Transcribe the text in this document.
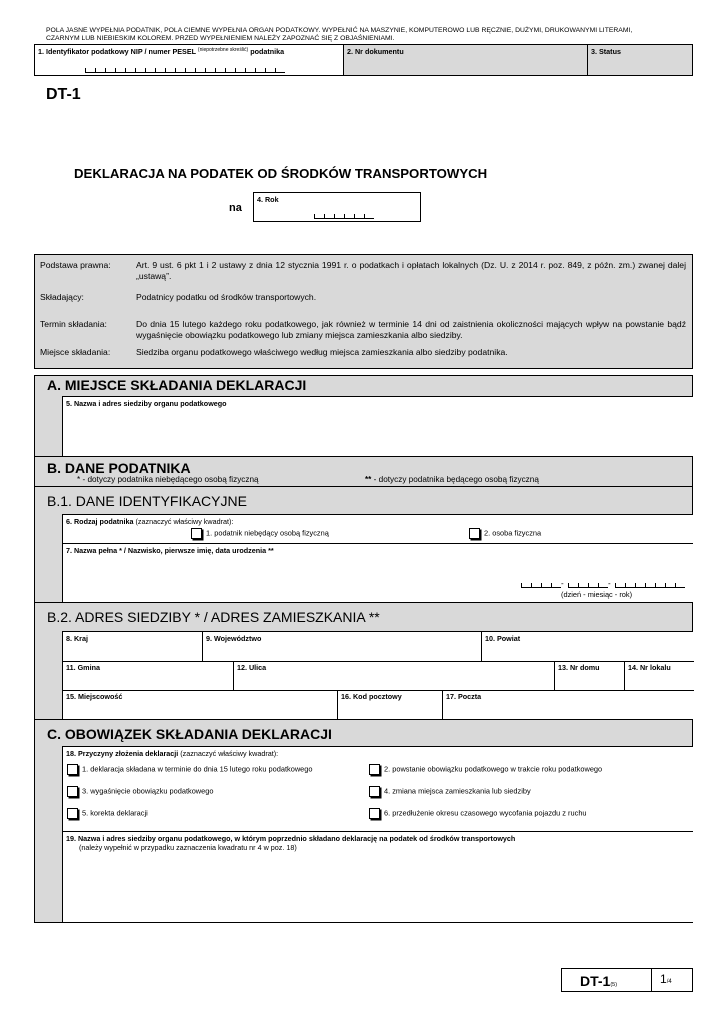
POLA JASNE WYPEŁNIA PODATNIK, POLA CIEMNE WYPEŁNIA ORGAN PODATKOWY. WYPEŁNIĆ NA MASZYNIE, KOMPUTEROWO LUB RĘCZNIE, DUŻYMI, DRUKOWANYMI LITERAMI,
CZARNYM LUB NIEBIESKIM KOLOREM. PRZED WYPEŁNIENIEM NALEŻY ZAPOZNAĆ SIĘ Z OBJAŚNIENIAMI.
1. Identyfikator podatkowy NIP / numer PESEL $^{(niepotrzebne skreślić)}$ podatnika	2. Nr dokumentu	3. Status
DT-1
DEKLARACJA NA PODATEK OD ŚRODKÓW TRANSPORTOWYCH
na
4. Rok
Podstawa prawna:	Art. 9 ust. 6 pkt 1 i 2 ustawy z dnia 12 stycznia 1991 r. o podatkach i opłatach lokalnych (Dz. U. z 2014 r. poz. 849, z późn. zm.) zwanej dalej „ustawą”.
Składający:	Podatnicy podatku od środków transportowych.
Termin składania:	Do dnia 15 lutego każdego roku podatkowego, jak również w terminie 14 dni od zaistnienia okoliczności mających wpływ na powstanie bądź wygaśnięcie obowiązku podatkowego lub zmiany miejsca zamieszkania albo siedziby.
Miejsce składania:	Siedziba organu podatkowego właściwego według miejsca zamieszkania albo siedziby podatnika.
A. MIEJSCE SKŁADANIA DEKLARACJI
5. Nazwa i adres siedziby organu podatkowego
B. DANE PODATNIKA
* - dotyczy podatnika niebędącego osobą fizyczną	** - dotyczy podatnika będącego osobą fizyczną
B.1. DANE IDENTYFIKACYJNE
6. Rodzaj podatnika (zaznaczyć właściwy kwadrat):
1. podatnik niebędący osobą fizyczną	2. osoba fizyczna
7. Nazwa pełna * / Nazwisko, pierwsze imię, data urodzenia **
-	-
(dzień - miesiąc - rok)
B.2. ADRES SIEDZIBY * / ADRES ZAMIESZKANIA **
8. Kraj	9. Województwo	10. Powiat
11. Gmina	12. Ulica	13. Nr domu	14. Nr lokalu
15. Miejscowość	16. Kod pocztowy	17. Poczta
C. OBOWIĄZEK SKŁADANIA DEKLARACJI
18. Przyczyny złożenia deklaracji (zaznaczyć właściwy kwadrat):
1. deklaracja składana w terminie do dnia 15 lutego roku podatkowego	2. powstanie obowiązku podatkowego w trakcie roku podatkowego
3. wygaśnięcie obowiązku podatkowego	4. zmiana miejsca zamieszkania lub siedziby
5. korekta deklaracji	6. przedłużenie okresu czasowego wycofania pojazdu z ruchu
19. Nazwa i adres siedziby organu podatkowego, w którym poprzednio składano deklarację na podatek od środków transportowych
(należy wypełnić w przypadku zaznaczenia kwadratu nr 4 w poz. 18)
DT-1(5)	1/4
